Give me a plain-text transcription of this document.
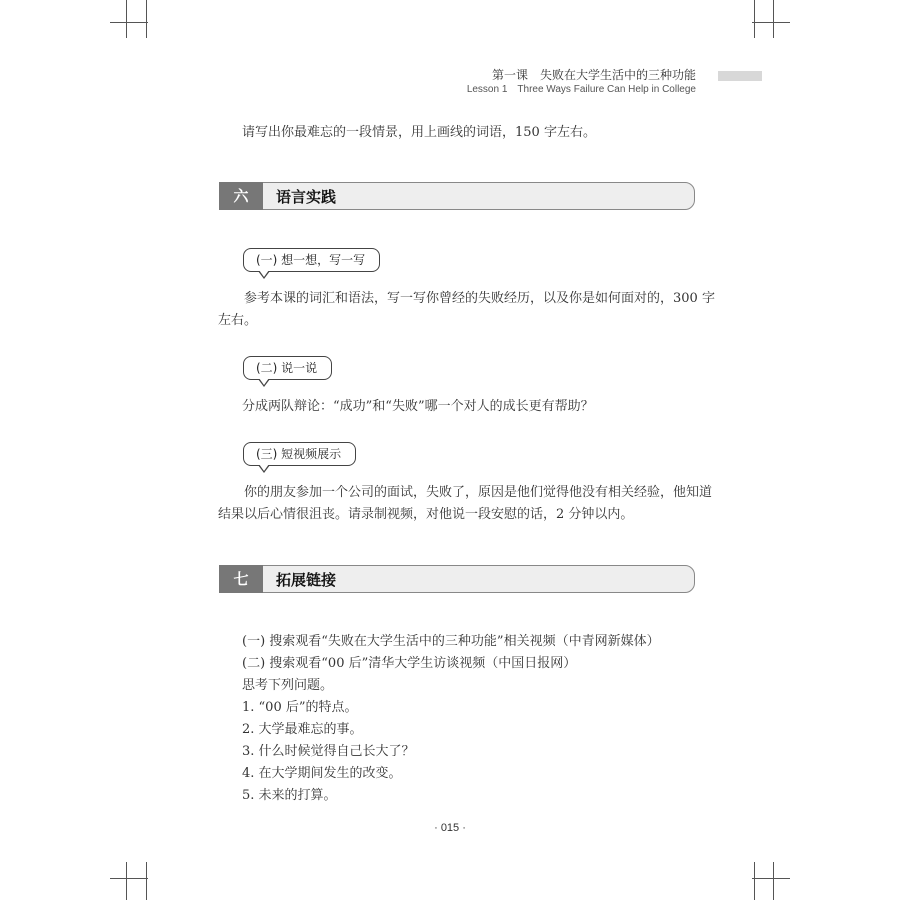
第一课　失败在大学生活中的三种功能
Lesson 1　Three Ways Failure Can Help in College
请写出你最难忘的一段情景，用上画线的词语，150 字左右。
六	语言实践
(一) 想一想，写一写
参考本课的词汇和语法，写一写你曾经的失败经历，以及你是如何面对的，300 字
左右。
(二) 说一说
分成两队辩论：“成功”和“失败”哪一个对人的成长更有帮助？
(三) 短视频展示
你的朋友参加一个公司的面试，失败了，原因是他们觉得他没有相关经验，他知道
结果以后心情很沮丧。请录制视频，对他说一段安慰的话，2 分钟以内。
七	拓展链接
(一) 搜索观看“失败在大学生活中的三种功能”相关视频（中青网新媒体）
(二) 搜索观看“00 后”清华大学生访谈视频（中国日报网）
思考下列问题。
1. “00 后”的特点。
2. 大学最难忘的事。
3. 什么时候觉得自己长大了？
4. 在大学期间发生的改变。
5. 未来的打算。
· 015 ·
